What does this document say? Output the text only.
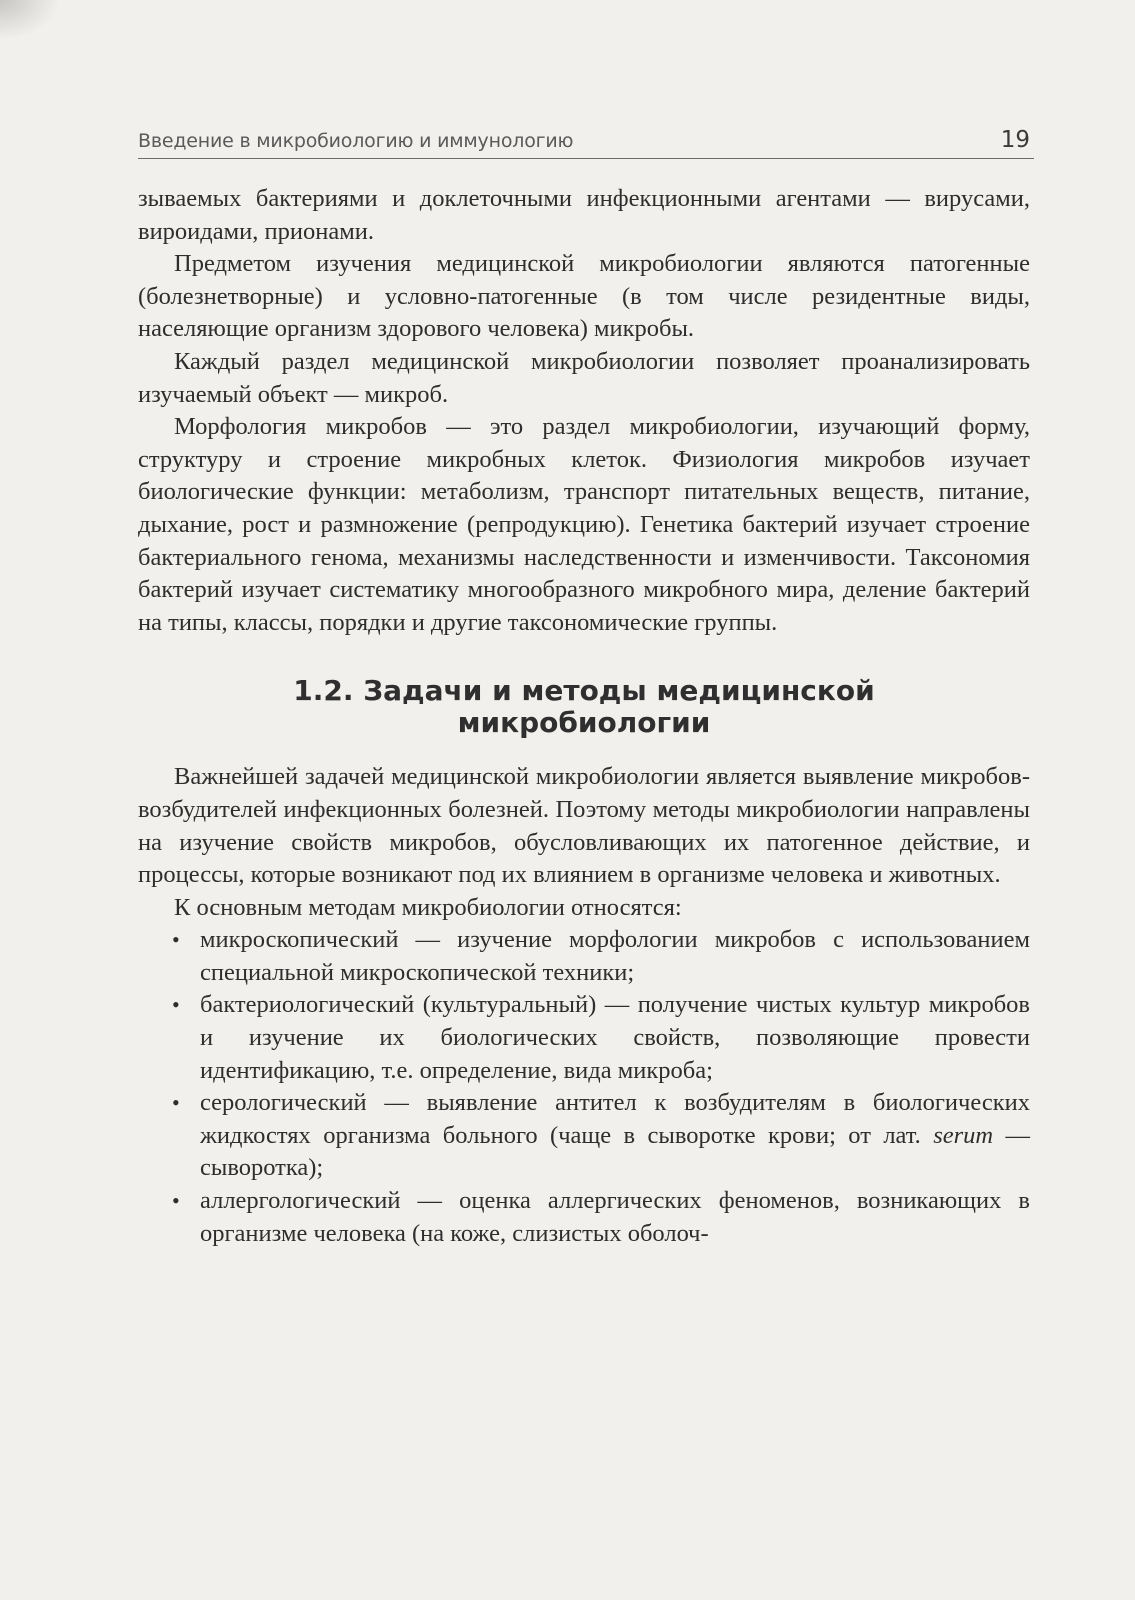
Введение в микробиологию и иммунологию	19

зываемых бактериями и доклеточными инфекционными агентами — вирусами, вироидами, прионами.

Предметом изучения медицинской микробиологии являются патогенные (болезнетворные) и условно-патогенные (в том числе резидентные виды, населяющие организм здорового человека) микробы.

Каждый раздел медицинской микробиологии позволяет проанализировать изучаемый объект — микроб.

Морфология микробов — это раздел микробиологии, изучающий форму, структуру и строение микробных клеток. Физиология микробов изучает биологические функции: метаболизм, транспорт питательных веществ, питание, дыхание, рост и размножение (репродукцию). Генетика бактерий изучает строение бактериального генома, механизмы наследственности и изменчивости. Таксономия бактерий изучает систематику многообразного микробного мира, деление бактерий на типы, классы, порядки и другие таксономические группы.

1.2. Задачи и методы медицинской
микробиологии

Важнейшей задачей медицинской микробиологии является выявление микробов-возбудителей инфекционных болезней. Поэтому методы микробиологии направлены на изучение свойств микробов, обусловливающих их патогенное действие, и процессы, которые возникают под их влиянием в организме человека и животных.

К основным методам микробиологии относятся:

• микроскопический — изучение морфологии микробов с использованием специальной микроскопической техники;
• бактериологический (культуральный) — получение чистых культур микробов и изучение их биологических свойств, позволяющие провести идентификацию, т.е. определение, вида микроба;
• серологический — выявление антител к возбудителям в биологических жидкостях организма больного (чаще в сыворотке крови; от лат. serum — сыворотка);
• аллергологический — оценка аллергических феноменов, возникающих в организме человека (на коже, слизистых оболоч-
